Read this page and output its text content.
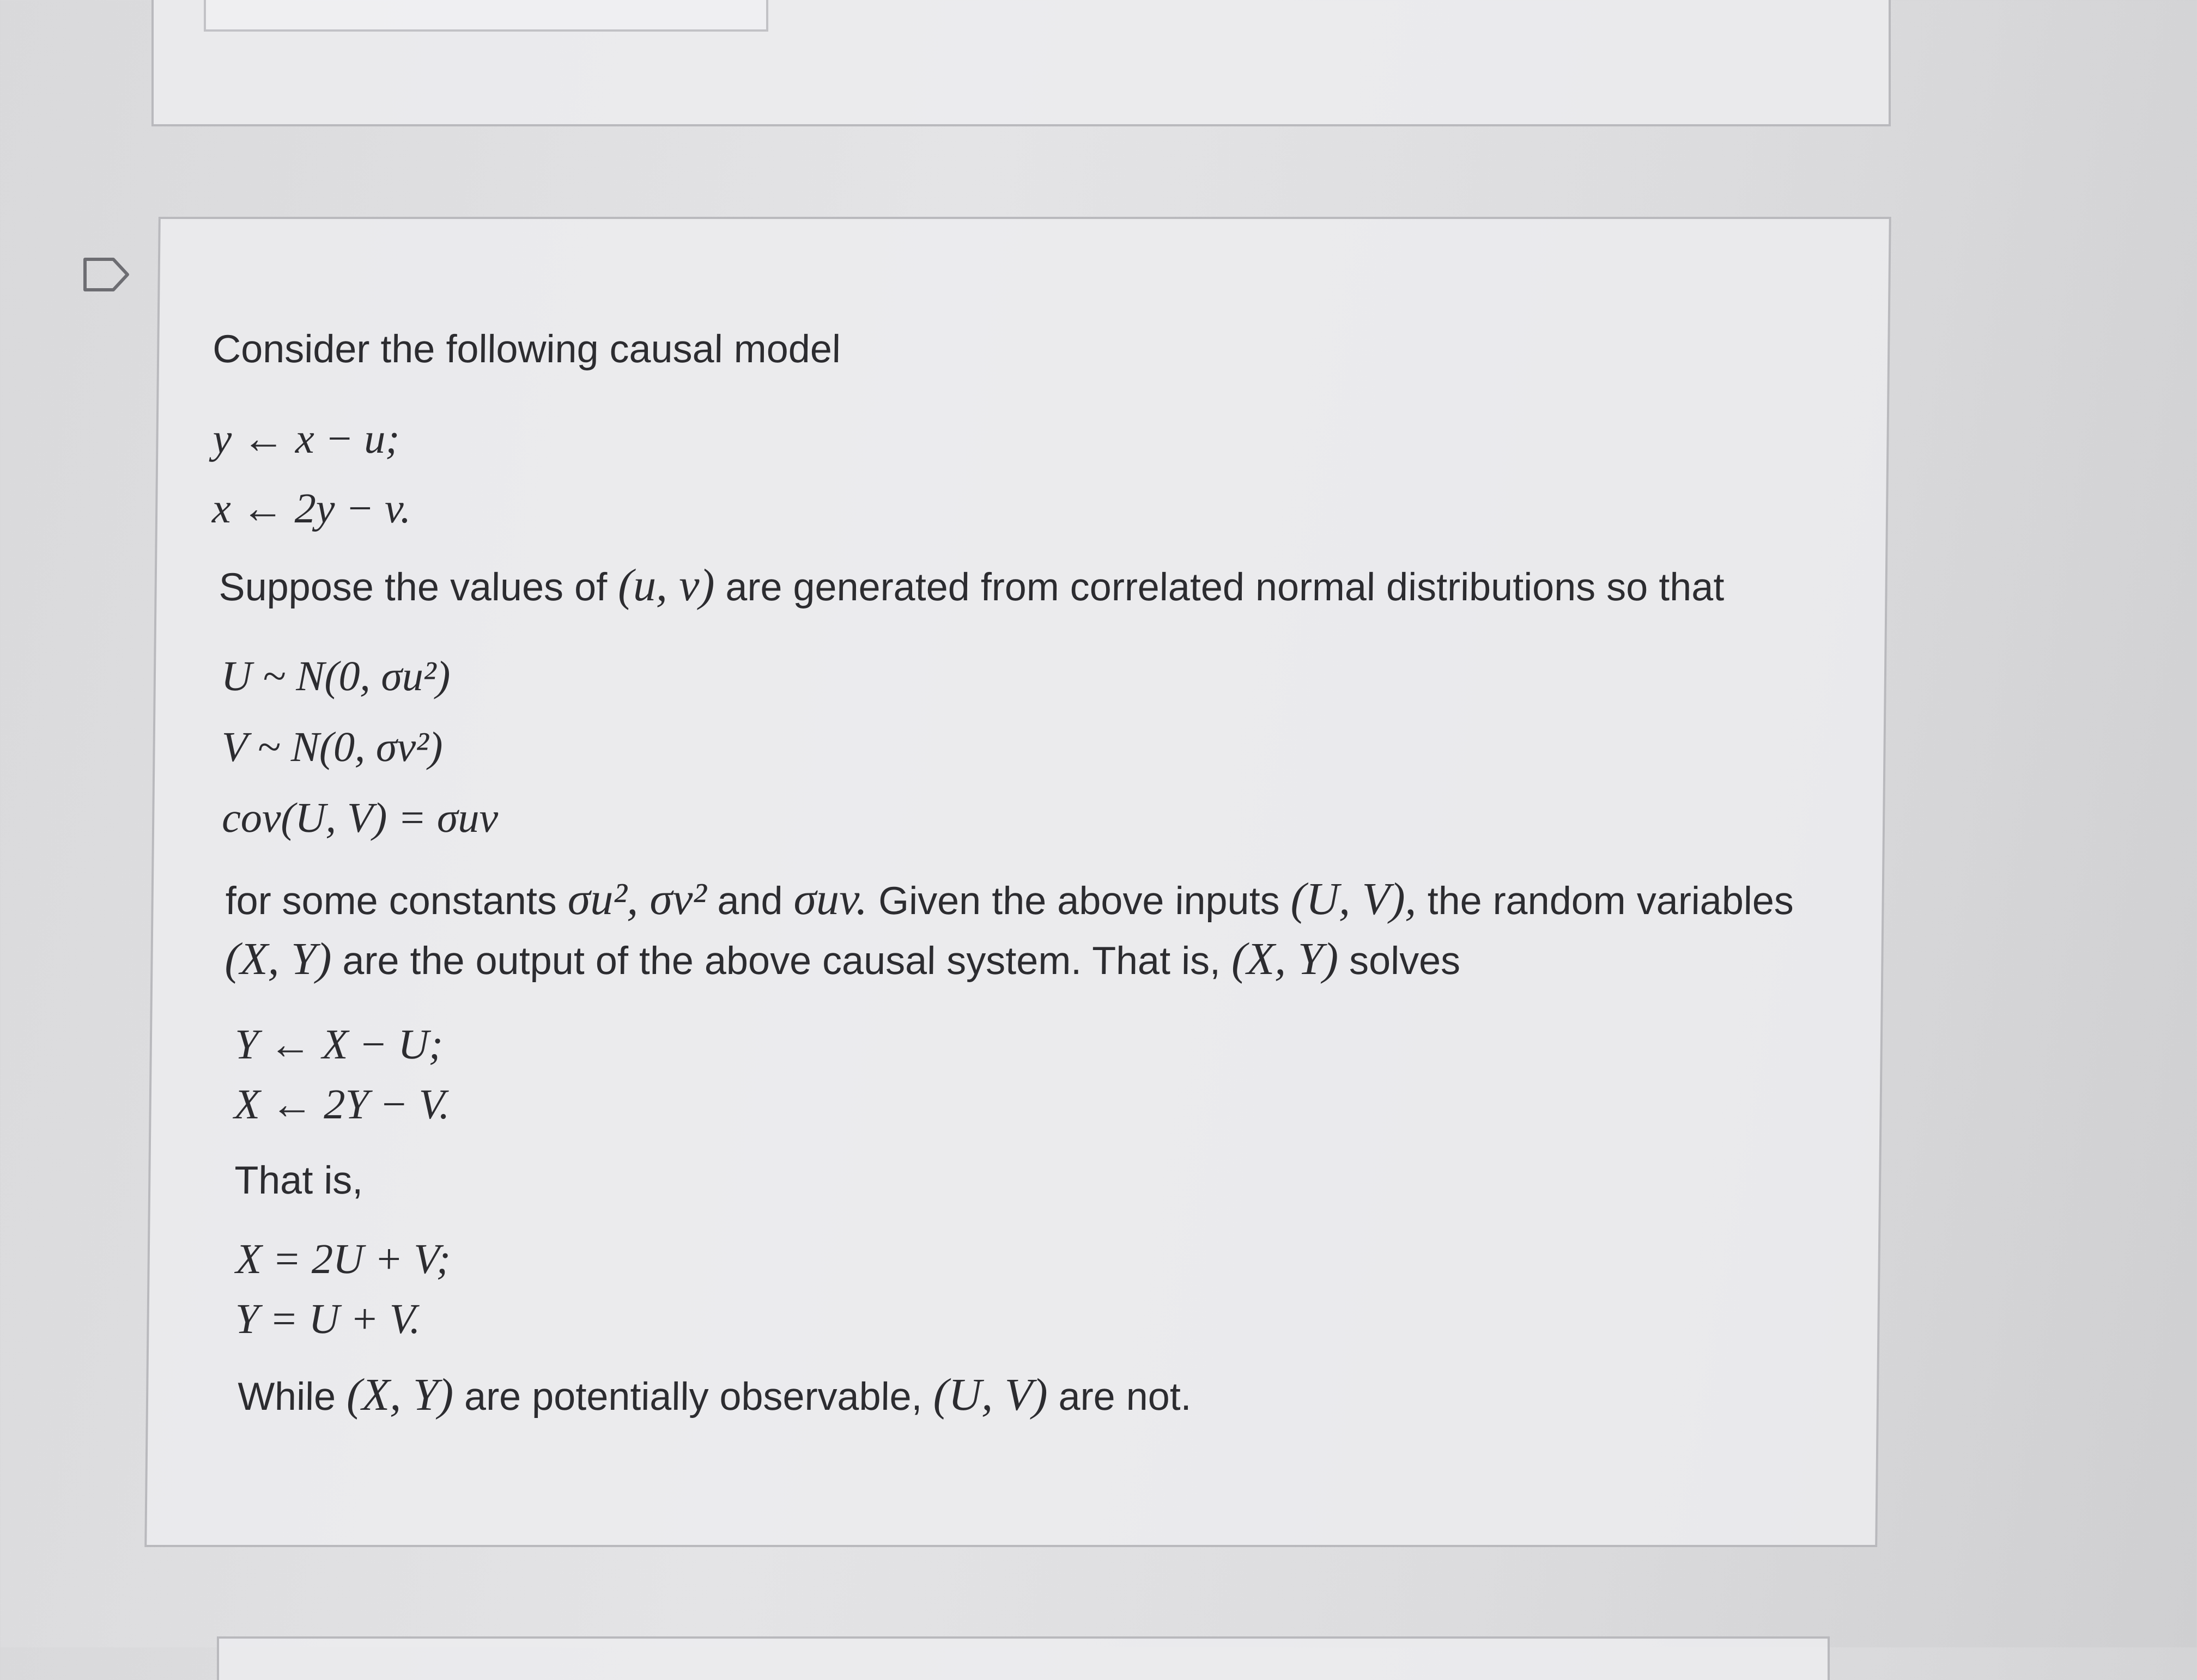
Consider the following causal model
y ← x − u;
x ← 2y − v.
Suppose the values of (u, v) are generated from correlated normal distributions so that
U ~ N(0, σu²)
V ~ N(0, σv²)
cov(U, V) = σuv
for some constants σu², σv² and σuv. Given the above inputs (U, V), the random variables
(X, Y) are the output of the above causal system. That is, (X, Y) solves
Y ← X − U;
X ← 2Y − V.
That is,
X = 2U + V;
Y = U + V.
While (X, Y) are potentially observable, (U, V) are not.
